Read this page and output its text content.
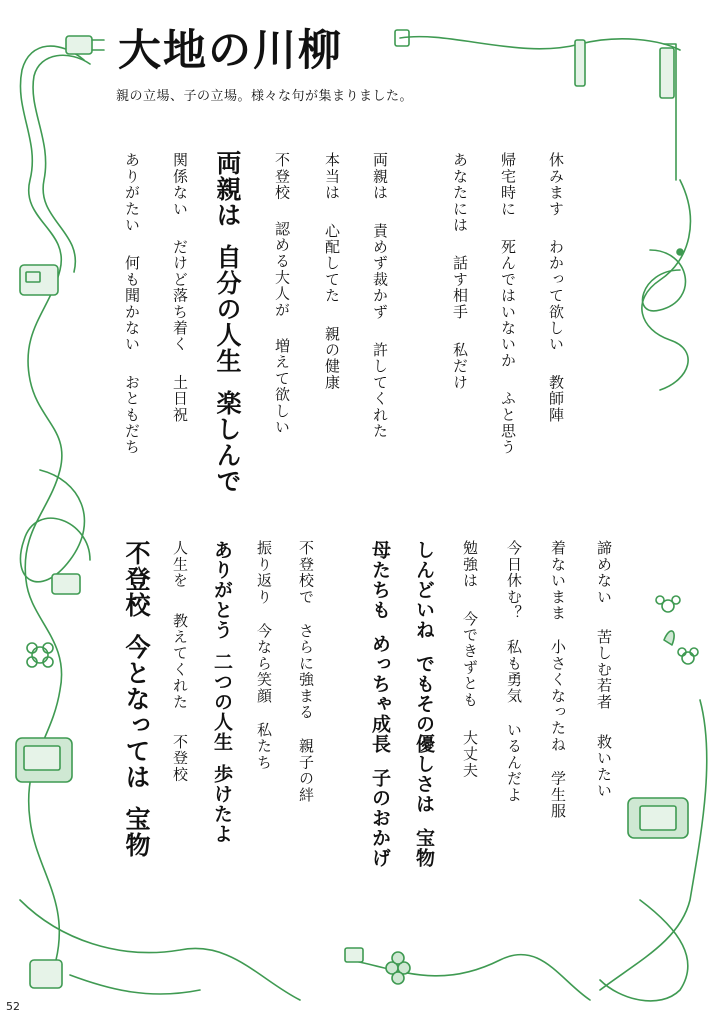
大地の川柳
親の立場、子の立場。様々な句が集まりました。
休みますわかって欲しい教師陣
帰宅時に死んではいないかふと思う
あなたには話す相手私だけ
両親は責めず裁かず許してくれた
本当は心配してた親の健康
不登校認める大人が増えて欲しい
両親は自分の人生楽しんで
関係ないだけど落ち着く土日祝
ありがたい何も聞かないおともだち
諦めない苦しむ若者救いたい
着ないまま小さくなったね学生服
今日休む？私も勇気いるんだよ
勉強は今できずとも大丈夫
しんどいねでもその優しさは宝物
母たちもめっちゃ成長子のおかげ
不登校でさらに強まる親子の絆
振り返り今なら笑顔私たち
ありがとう二つの人生歩けたよ
人生を教えてくれた不登校
不登校今となっては宝物
52
